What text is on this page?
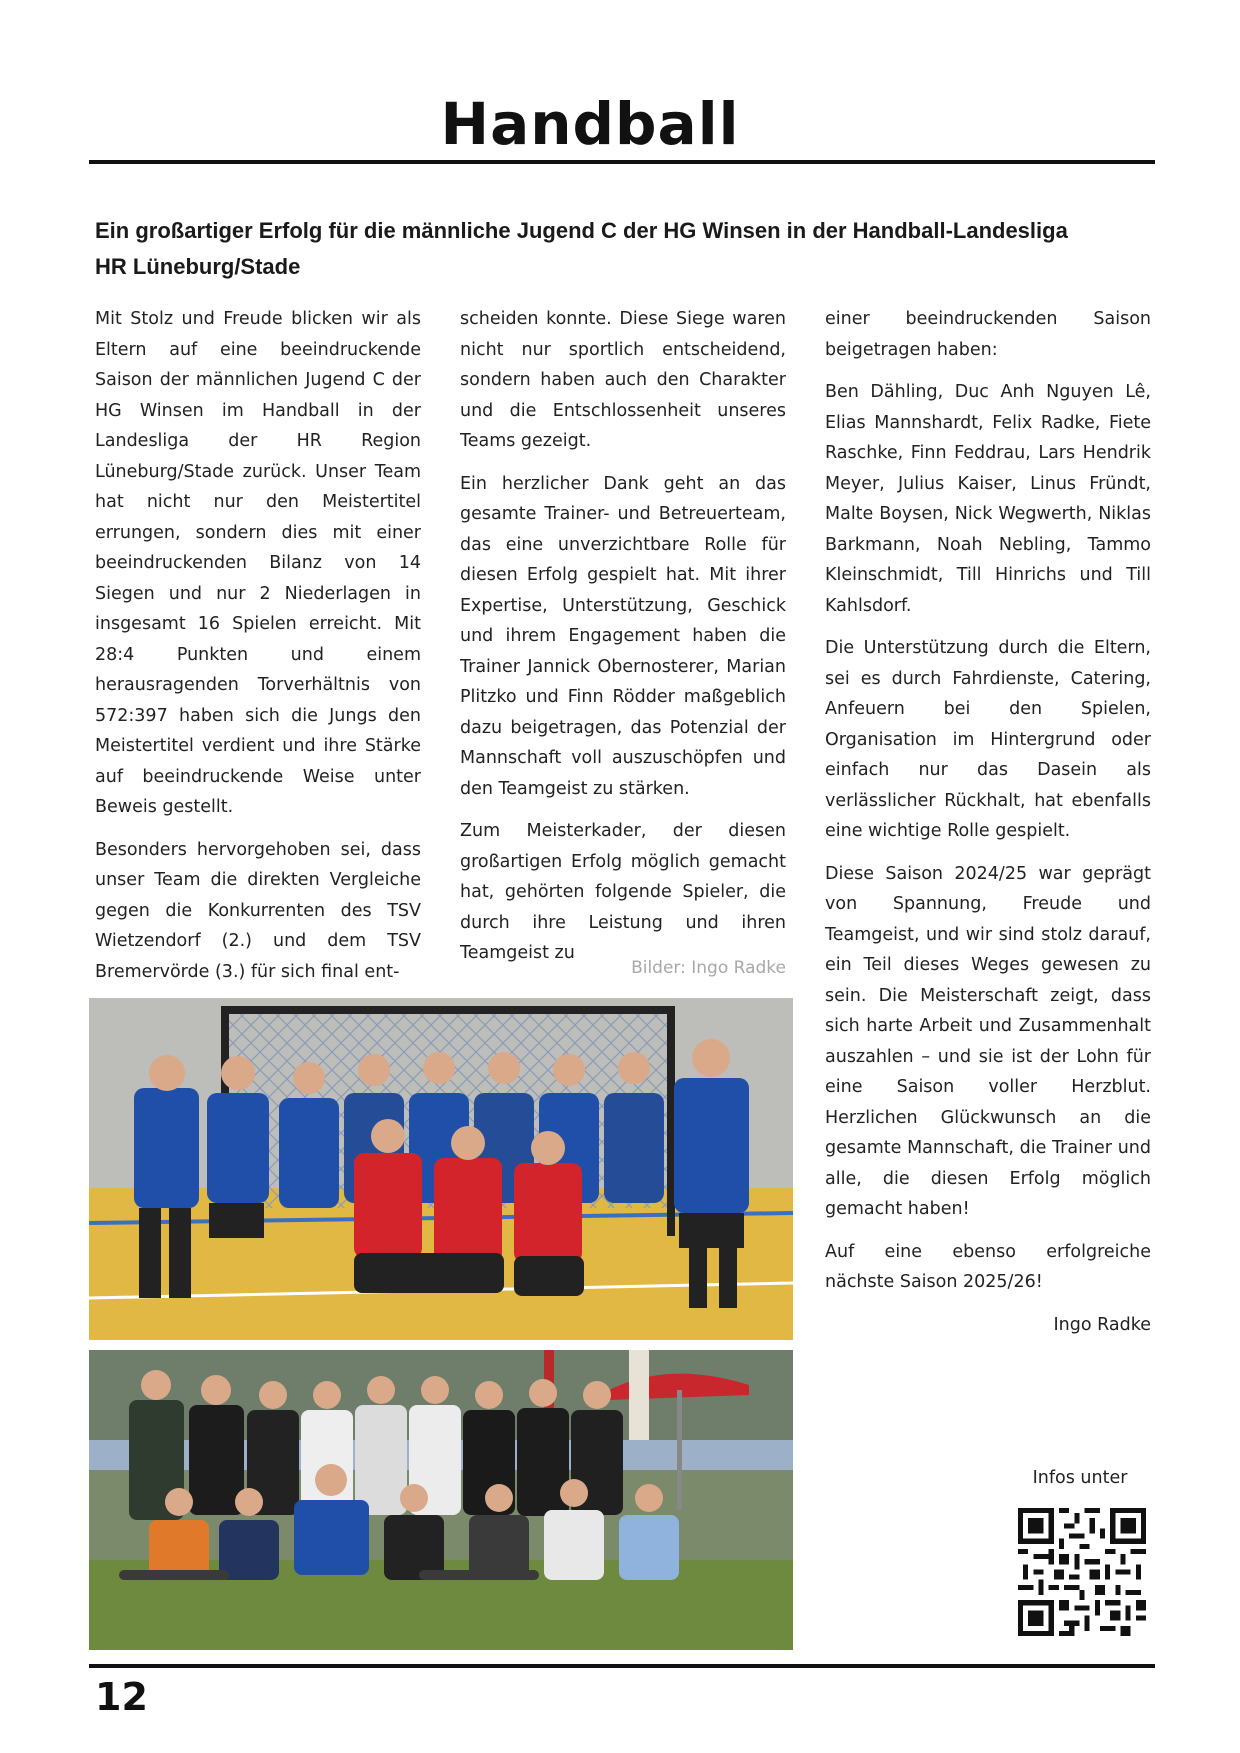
Handball
Ein großartiger Erfolg für die männliche Jugend C der HG Winsen in der Handball-Landesliga
HR Lüneburg/Stade

Mit Stolz und Freude blicken wir als Eltern auf eine beeindruckende Saison der männlichen Jugend C der HG Winsen im Handball in der Landesliga der HR Region Lüneburg/Stade zurück. Unser Team hat nicht nur den Meistertitel errungen, sondern dies mit einer beeindruckenden Bilanz von 14 Siegen und nur 2 Niederlagen in insgesamt 16 Spielen erreicht. Mit 28:4 Punkten und einem herausragenden Torverhältnis von 572:397 haben sich die Jungs den Meistertitel verdient und ihre Stärke auf beeindruckende Weise unter Beweis gestellt.

Besonders hervorgehoben sei, dass unser Team die direkten Vergleiche gegen die Konkurrenten des TSV Wietzendorf (2.) und dem TSV Bremervörde (3.) für sich final ent-

scheiden konnte. Diese Siege waren nicht nur sportlich entscheidend, sondern haben auch den Charakter und die Entschlossenheit unseres Teams gezeigt.

Ein herzlicher Dank geht an das gesamte Trainer- und Betreuerteam, das eine unverzichtbare Rolle für diesen Erfolg gespielt hat. Mit ihrer Expertise, Unterstützung, Geschick und ihrem Engagement haben die Trainer Jannick Obernosterer, Marian Plitzko und Finn Rödder maßgeblich dazu beigetragen, das Potenzial der Mannschaft voll auszuschöpfen und den Teamgeist zu stärken.

Zum Meisterkader, der diesen großartigen Erfolg möglich gemacht hat, gehörten folgende Spieler, die durch ihre Leistung und ihren Teamgeist zu

einer beeindruckenden Saison beigetragen haben:

Ben Dähling, Duc Anh Nguyen Lê, Elias Mannshardt, Felix Radke, Fiete Raschke, Finn Feddrau, Lars Hendrik Meyer, Julius Kaiser, Linus Fründt, Malte Boysen, Nick Wegwerth, Niklas Barkmann, Noah Nebling, Tammo Kleinschmidt, Till Hinrichs und Till Kahlsdorf.

Die Unterstützung durch die Eltern, sei es durch Fahrdienste, Catering, Anfeuern bei den Spielen, Organisation im Hintergrund oder einfach nur das Dasein als verlässlicher Rückhalt, hat ebenfalls eine wichtige Rolle gespielt.

Diese Saison 2024/25 war geprägt von Spannung, Freude und Teamgeist, und wir sind stolz darauf, ein Teil dieses Weges gewesen zu sein. Die Meisterschaft zeigt, dass sich harte Arbeit und Zusammenhalt auszahlen – und sie ist der Lohn für eine Saison voller Herzblut. Herzlichen Glückwunsch an die gesamte Mannschaft, die Trainer und alle, die diesen Erfolg möglich gemacht haben!

Auf eine ebenso erfolgreiche nächste Saison 2025/26!

Ingo Radke

Bilder: Ingo Radke
Infos unter
12
